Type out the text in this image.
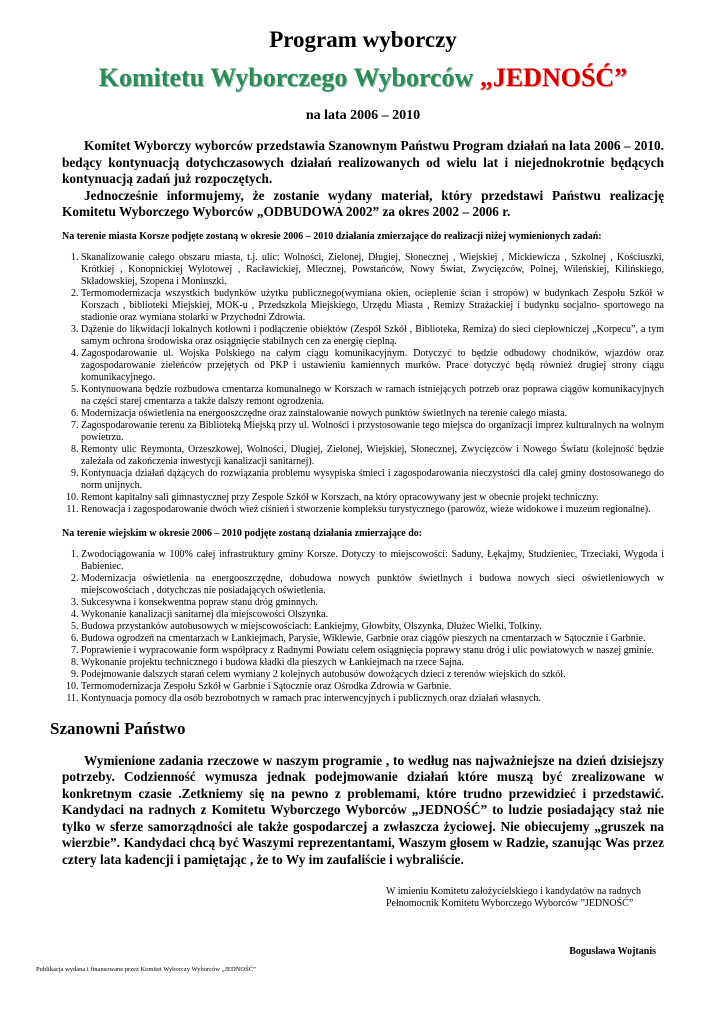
Program wyborczy
Komitetu Wyborczego Wyborców „JEDNOŚĆ”
na lata 2006 – 2010

Komitet Wyborczy wyborców przedstawia Szanownym Państwu Program działań na lata 2006 – 2010. bedący kontynuacją dotychczasowych działań realizowanych od wielu lat i niejednokrotnie będących kontynuacją zadań już rozpoczętych.

Jednocześnie informujemy, że zostanie wydany materiał, który przedstawi Państwu realizację Komitetu Wyborczego Wyborców „ODBUDOWA 2002” za okres 2002 – 2006 r.

Na terenie miasta Korsze podjęte zostaną w okresie 2006 – 2010 działania zmierzające do realizacji niżej wymienionych zadań:
1. Skanalizowanie całego obszaru miasta, t.j. ulic: Wolności, Zielonej, Długiej, Słonecznej , Wiejskiej , Mickiewicza , Szkolnej , Kościuszki, Krótkiej , Konopnickiej Wylotowej , Racławickiej, Mlecznej, Powstańców, Nowy Świat, Zwycięzców, Polnej, Wileńskiej, Kilińskiego, Składowskiej, Szopena i Moniuszki.
2. Termomodernizacja wszystkich budynków użytku publicznego(wymiana okien, ocieplenie ścian i stropów) w budynkach Zespołu Szkół w Korszach , biblioteki Miejskiej, MOK-u , Przedszkola Miejskiego, Urzędu Miasta , Remizy Strażackiej i budynku socjalno- sportowego na stadionie oraz wymiana stolarki w Przychodni Zdrowia.
3. Dążenie do likwidacji lokalnych kotłowni i podłączenie obiektów (Zespół Szkół , Biblioteka, Remiza) do sieci ciepłowniczej „Korpecu”, a tym samym ochrona środowiska oraz osiągnięcie stabilnych cen za energię cieplną.
4. Zagospodarowanie ul. Wojska Polskiego na całym ciągu komunikacyjnym. Dotyczyć to będzie odbudowy chodników, wjazdów oraz zagospodarowanie zieleńców przejętych od PKP i ustawieniu kamiennych murków. Prace dotyczyć będą również drugiej strony ciągu komunikacyjnego.
5. Kontynuowana będzie rozbudowa cmentarza komunalnego w Korszach w ramach istniejących potrzeb oraz poprawa ciągów komunikacyjnych na części starej cmentarza a także dalszy remont ogrodzenia.
6. Modernizacja oświetlenia na energooszczędne oraz zainstalowanie nowych punktów świetlnych na terenie całego miasta.
7. Zagospodarowanie terenu za Biblioteką Miejską przy ul. Wolności i przystosowanie tego miejsca do organizacji imprez kulturalnych na wolnym powietrzu.
8. Remonty ulic Reymonta, Orzeszkowej, Wolności, Długiej, Zielonej, Wiejskiej, Słonecznej, Zwycięzców i Nowego Światu (kolejność będzie zależała od zakończenia inwestycji kanalizacji sanitarnej).
9. Kontynuacja działań dążących do rozwiązania problemu wysypiska śmieci i zagospodarowania nieczystości dla całej gminy dostosowanego do norm unijnych.
10. Remont kapitalny sali gimnastycznej przy Zespole Szkół w Korszach, na który opracowywany jest w obecnie projekt techniczny.
11. Renowacja i zagospodarowanie dwóch wież ciśnień i stworzenie kompleksu turystycznego (parowóz, wieże widokowe i muzeum regionalne).
Na terenie wiejskim w okresie 2006 – 2010 podjęte zostaną działania zmierzające do:
1. Zwodociągowania w 100% całej infrastruktury gminy Korsze. Dotyczy to miejscowości: Saduny, Łękajmy, Studzieniec, Trzeciaki, Wygoda i Babieniec.
2. Modernizacja oświetlenia na energooszczędne, dobudowa nowych punktów świetlnych i budowa nowych sieci oświetleniowych w miejscowościach , dotychczas nie posiadających oświetlenia.
3. Sukcesywna i konsekwentna popraw stanu dróg gminnych.
4. Wykonanie kanalizacji sanitarnej dla miejscowości Olszynka.
5. Budowa przystanków autobusowych w miejscowościach: Łankiejmy, Głowbity, Olszynka, Dłużec Wielki, Tolkiny.
6. Budowa ogrodzeń na cmentarzach w Łankiejmach, Parysie, Wiklewie, Garbnie oraz ciągów pieszych na cmentarzach w Sątocznie i Garbnie.
7. Poprawienie i wypracowanie form współpracy z Radnymi Powiatu celem osiągnięcia poprawy stanu dróg i ulic powiatowych w naszej gminie.
8. Wykonanie projektu technicznego i budowa kładki dla pieszych w Łankiejmach na rzece Sajna.
9. Podejmowanie dalszych starań celem wymiany 2 kolejnych autobusów dowożących dzieci z terenów wiejskich do szkół.
10. Termomodernizacja Zespołu Szkół w Garbnie i Sątocznie oraz Ośrodka Zdrowia w Garbnie.
11. Kontynuacja pomocy dla osób bezrobotnych w ramach prac interwencyjnych i publicznych oraz działań własnych.
Szanowni Państwo

Wymienione zadania rzeczowe w naszym programie , to według nas najważniejsze na dzień dzisiejszy potrzeby. Codzienność wymusza jednak podejmowanie działań które muszą być zrealizowane w konkretnym czasie .Zetkniemy się na pewno z problemami, które trudno przewidzieć i przedstawić. Kandydaci na radnych z Komitetu Wyborczego Wyborców „JEDNOŚĆ” to ludzie posiadający staż nie tylko w sferze samorządności ale także gospodarczej a zwłaszcza życiowej. Nie obiecujemy „gruszek na wierzbie”. Kandydaci chcą być Waszymi reprezentantami, Waszym głosem w Radzie, szanując Was przez cztery lata kadencji i pamiętając , że to Wy im zaufaliście i wybraliście.

W imieniu Komitetu założycielskiego i kandydatów na radnych
Pełnomocnik Komitetu Wyborczego Wyborców ”JEDNOŚĆ”
Bogusława Wojtanis
Publikacja wydana i finansowane przez Komitet Wyborczy Wyborców „JEDNOŚĆ”
